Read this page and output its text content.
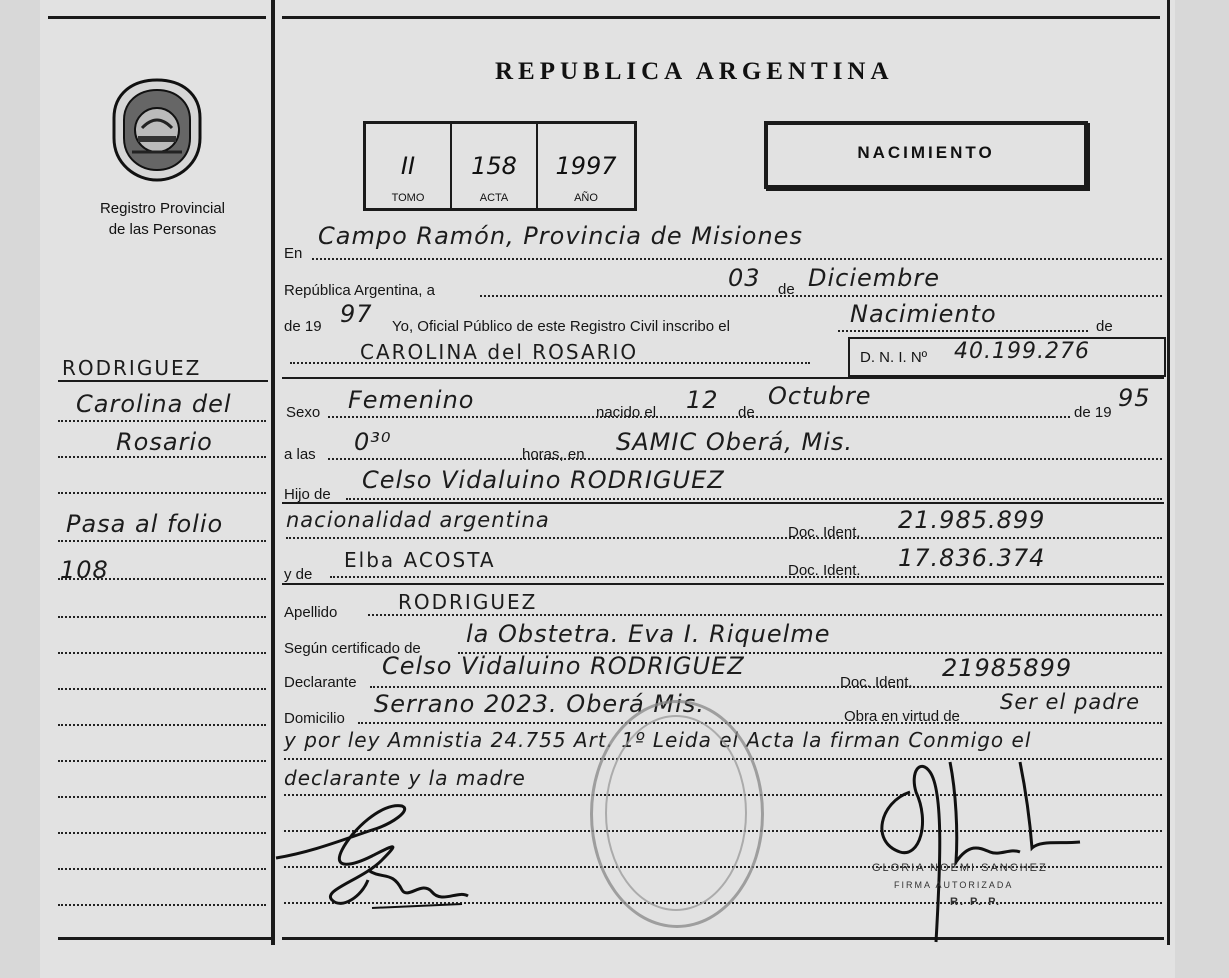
REPUBLICA ARGENTINA
II
TOMO
158
ACTA
1997
AÑO
NACIMIENTO
Registro Provincial
de las Personas
RODRIGUEZ
Carolina del
Rosario
Pasa al folio
108
En
Campo Ramón, Provincia de Misiones
República Argentina, a	03 de Diciembre
de 19 97 Yo, Oficial Público de este Registro Civil inscribo el	Nacimiento	de
CAROLINA del ROSARIO	D. N. I. Nº 40.199.276
Sexo Femenino	nacido el 12 de
Octubre
de 19
95
a las 0³⁰	horas, en SAMIC Oberá, Mis.
Hijo de
Celso Vidaluino RODRIGUEZ
nacionalidad argentina
Doc. Ident. 21.985.899
y de
Elba ACOSTA	Doc. Ident. 17.836.374
Apellido	RODRIGUEZ
Según certificado de
la Obstetra. Eva I. Riquelme
Declarante
Celso Vidaluino RODRIGUEZ
Doc. Ident.
21985899
Domicilio
Serrano 2023. Oberá Mis.	Obra en virtud de
Ser el padre
y por ley Amnistia 24.755 Art. 1º Leida el Acta la firman Conmigo el
declarante y la madre
GLORIA NOEMI SANCHEZ
FIRMA AUTORIZADA
R. P. P.
